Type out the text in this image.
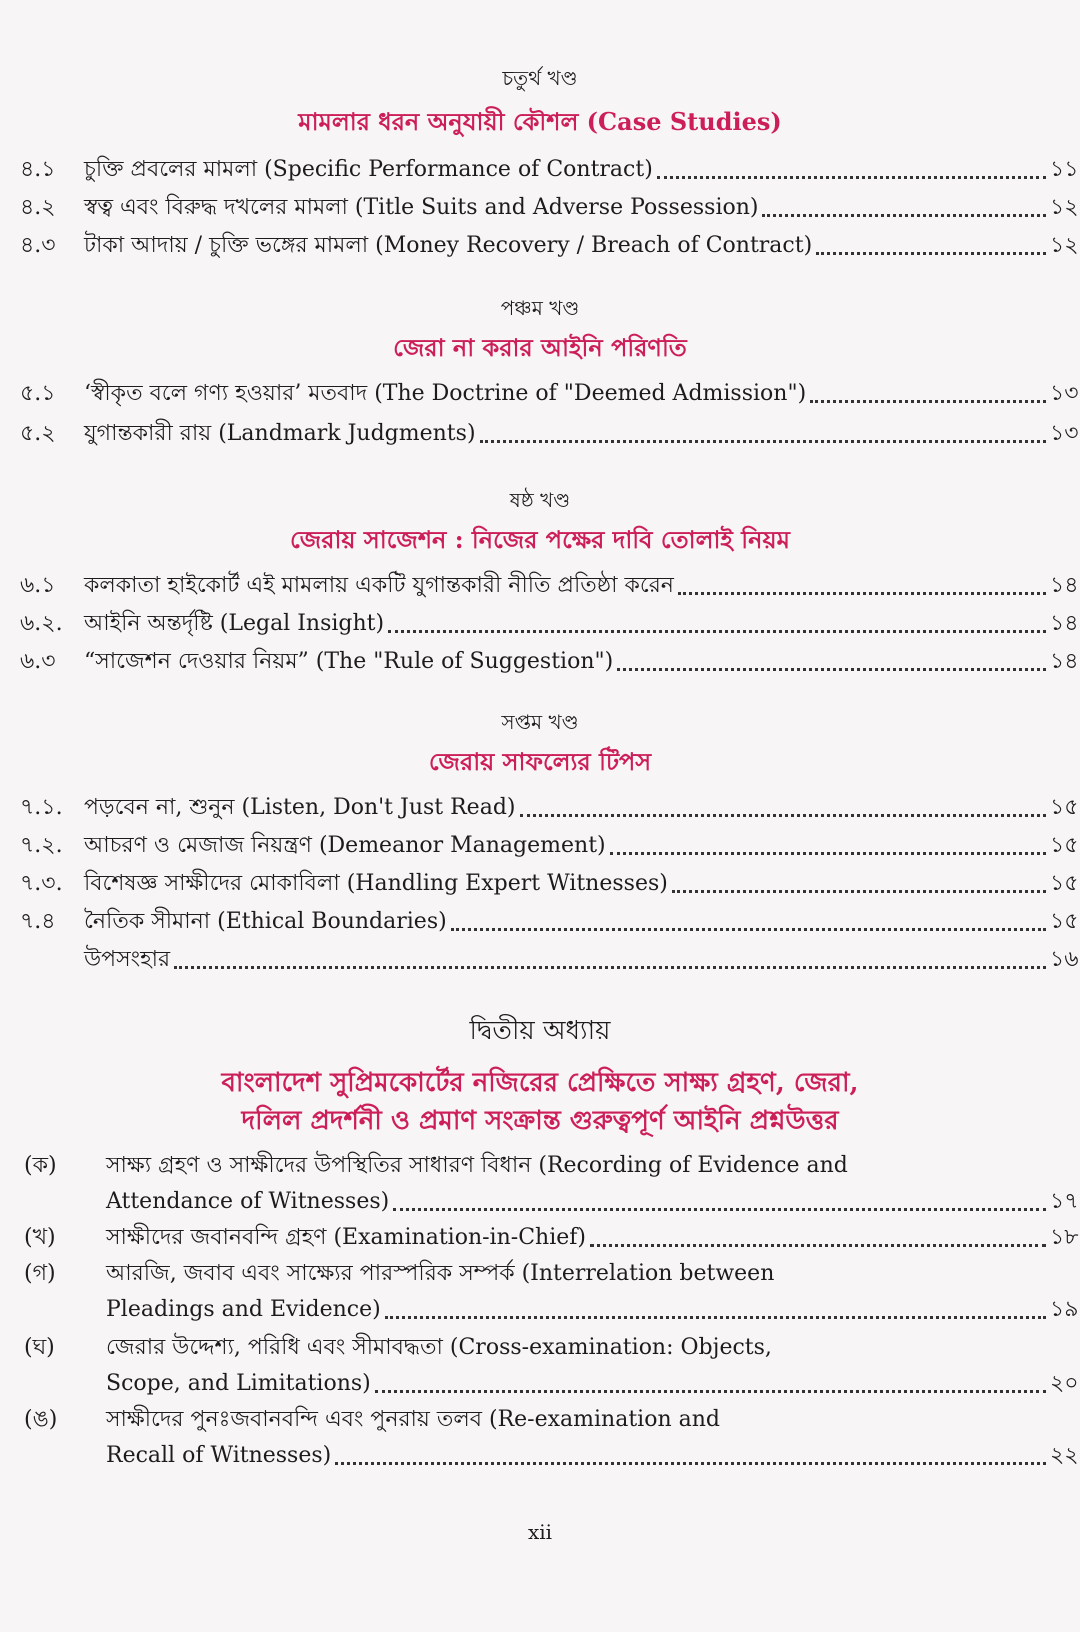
চতুর্থ খণ্ড
মামলার ধরন অনুযায়ী কৌশল (Case Studies)
৪.১	চুক্তি প্রবলের মামলা (Specific Performance of Contract)	১১
৪.২	স্বত্ব এবং বিরুদ্ধ দখলের মামলা (Title Suits and Adverse Possession)	১২
৪.৩	টাকা আদায় / চুক্তি ভঙ্গের মামলা (Money Recovery / Breach of Contract)	১২
পঞ্চম খণ্ড
জেরা না করার আইনি পরিণতি
৫.১	‘স্বীকৃত বলে গণ্য হওয়ার’ মতবাদ (The Doctrine of "Deemed Admission")	১৩
৫.২	যুগান্তকারী রায় (Landmark Judgments)	১৩
ষষ্ঠ খণ্ড
জেরায় সাজেশন : নিজের পক্ষের দাবি তোলাই নিয়ম
৬.১	কলকাতা হাইকোর্ট এই মামলায় একটি যুগান্তকারী নীতি প্রতিষ্ঠা করেন	১৪
৬.২. আইনি অন্তর্দৃষ্টি (Legal Insight)	১৪
৬.৩	“সাজেশন দেওয়ার নিয়ম” (The "Rule of Suggestion")	১৪
সপ্তম খণ্ড
জেরায় সাফল্যের টিপস
৭.১. পড়বেন না, শুনুন (Listen, Don't Just Read)	১৫
৭.২. আচরণ ও মেজাজ নিয়ন্ত্রণ (Demeanor Management)	১৫
৭.৩. বিশেষজ্ঞ সাক্ষীদের মোকাবিলা (Handling Expert Witnesses)	১৫
৭.৪	নৈতিক সীমানা (Ethical Boundaries)	১৫
উপসংহার	১৬
দ্বিতীয় অধ্যায়
বাংলাদেশ সুপ্রিমকোর্টের নজিরের প্রেক্ষিতে সাক্ষ্য গ্রহণ, জেরা,
দলিল প্রদর্শনী ও প্রমাণ সংক্রান্ত গুরুত্বপূর্ণ আইনি প্রশ্নউত্তর
(ক)	সাক্ষ্য গ্রহণ ও সাক্ষীদের উপস্থিতির সাধারণ বিধান (Recording of Evidence and
Attendance of Witnesses)	১৭
(খ)	সাক্ষীদের জবানবন্দি গ্রহণ (Examination-in-Chief)	১৮
(গ)	আরজি, জবাব এবং সাক্ষ্যের পারস্পরিক সম্পর্ক (Interrelation between
Pleadings and Evidence)	১৯
(ঘ)	জেরার উদ্দেশ্য, পরিধি এবং সীমাবদ্ধতা (Cross-examination: Objects,
Scope, and Limitations)	২০
(ঙ)	সাক্ষীদের পুনঃজবানবন্দি এবং পুনরায় তলব (Re-examination and
Recall of Witnesses)	২২
xii
